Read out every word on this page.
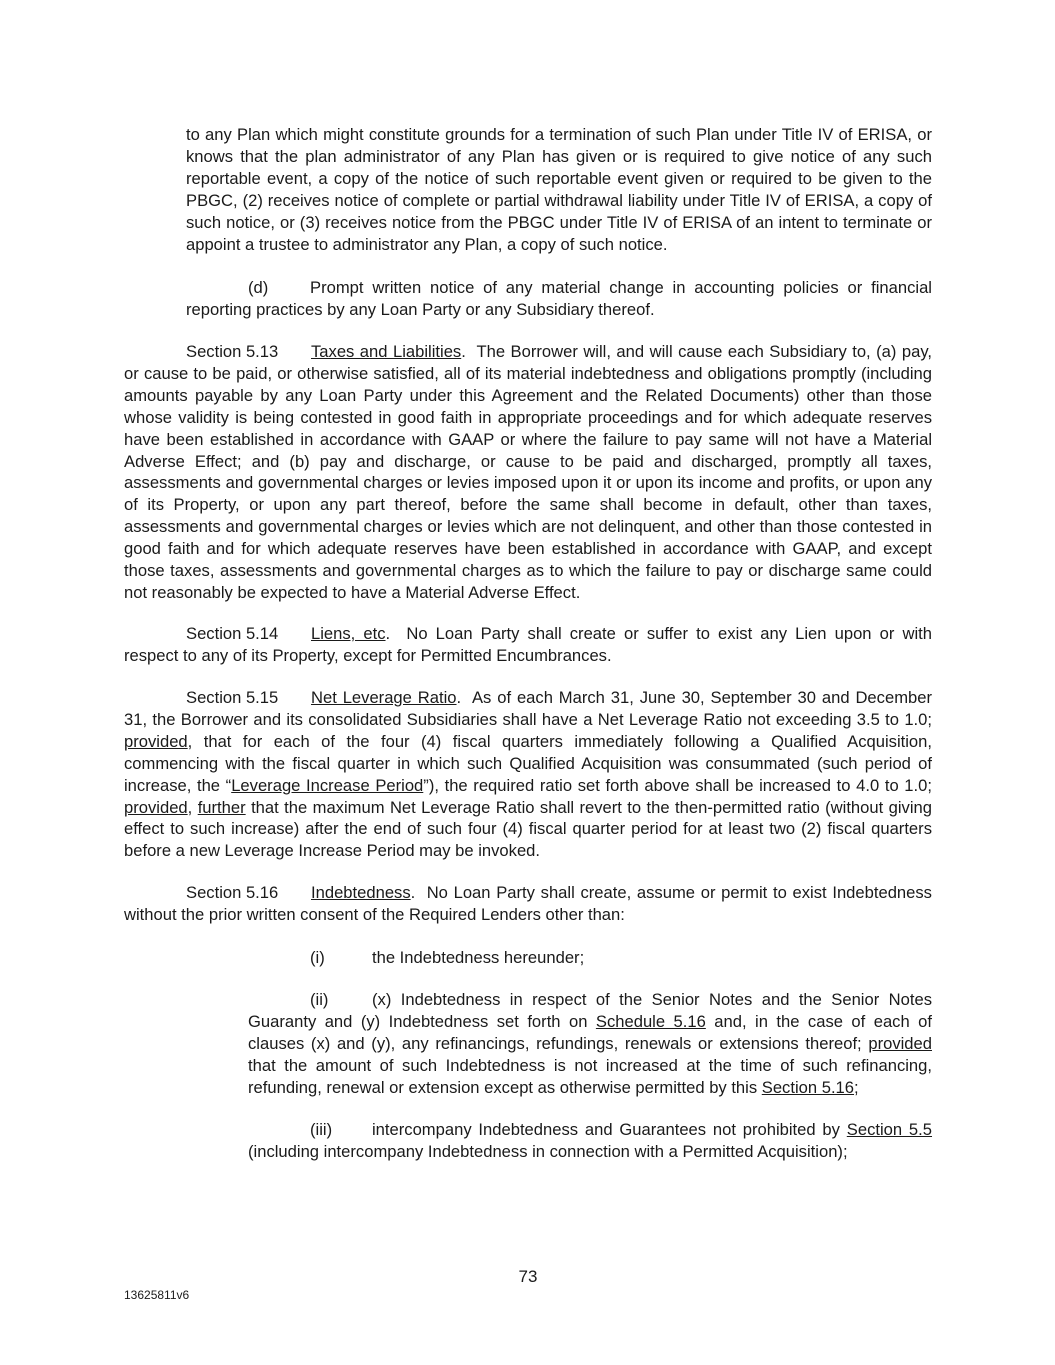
to any Plan which might constitute grounds for a termination of such Plan under Title IV of ERISA, or knows that the plan administrator of any Plan has given or is required to give notice of any such reportable event, a copy of the notice of such reportable event given or required to be given to the PBGC, (2) receives notice of complete or partial withdrawal liability under Title IV of ERISA, a copy of such notice, or (3) receives notice from the PBGC under Title IV of ERISA of an intent to terminate or appoint a trustee to administrator any Plan, a copy of such notice.

(d)	Prompt written notice of any material change in accounting policies or financial reporting practices by any Loan Party or any Subsidiary thereof.

Section 5.13 Taxes and Liabilities. The Borrower will, and will cause each Subsidiary to, (a) pay, or cause to be paid, or otherwise satisfied, all of its material indebtedness and obligations promptly (including amounts payable by any Loan Party under this Agreement and the Related Documents) other than those whose validity is being contested in good faith in appropriate proceedings and for which adequate reserves have been established in accordance with GAAP or where the failure to pay same will not have a Material Adverse Effect; and (b) pay and discharge, or cause to be paid and discharged, promptly all taxes, assessments and governmental charges or levies imposed upon it or upon its income and profits, or upon any of its Property, or upon any part thereof, before the same shall become in default, other than taxes, assessments and governmental charges or levies which are not delinquent, and other than those contested in good faith and for which adequate reserves have been established in accordance with GAAP, and except those taxes, assessments and governmental charges as to which the failure to pay or discharge same could not reasonably be expected to have a Material Adverse Effect.

Section 5.14 Liens, etc. No Loan Party shall create or suffer to exist any Lien upon or with respect to any of its Property, except for Permitted Encumbrances.

Section 5.15 Net Leverage Ratio. As of each March 31, June 30, September 30 and December 31, the Borrower and its consolidated Subsidiaries shall have a Net Leverage Ratio not exceeding 3.5 to 1.0; provided, that for each of the four (4) fiscal quarters immediately following a Qualified Acquisition, commencing with the fiscal quarter in which such Qualified Acquisition was consummated (such period of increase, the “Leverage Increase Period”), the required ratio set forth above shall be increased to 4.0 to 1.0; provided, further that the maximum Net Leverage Ratio shall revert to the then-permitted ratio (without giving effect to such increase) after the end of such four (4) fiscal quarter period for at least two (2) fiscal quarters before a new Leverage Increase Period may be invoked.

Section 5.16 Indebtedness. No Loan Party shall create, assume or permit to exist Indebtedness without the prior written consent of the Required Lenders other than:

(i)	the Indebtedness hereunder;

(ii)	(x) Indebtedness in respect of the Senior Notes and the Senior Notes Guaranty and (y) Indebtedness set forth on Schedule 5.16 and, in the case of each of clauses (x) and (y), any refinancings, refundings, renewals or extensions thereof; provided that the amount of such Indebtedness is not increased at the time of such refinancing, refunding, renewal or extension except as otherwise permitted by this Section 5.16;

(iii) intercompany Indebtedness and Guarantees not prohibited by Section 5.5 (including intercompany Indebtedness in connection with a Permitted Acquisition);

73
13625811v6
